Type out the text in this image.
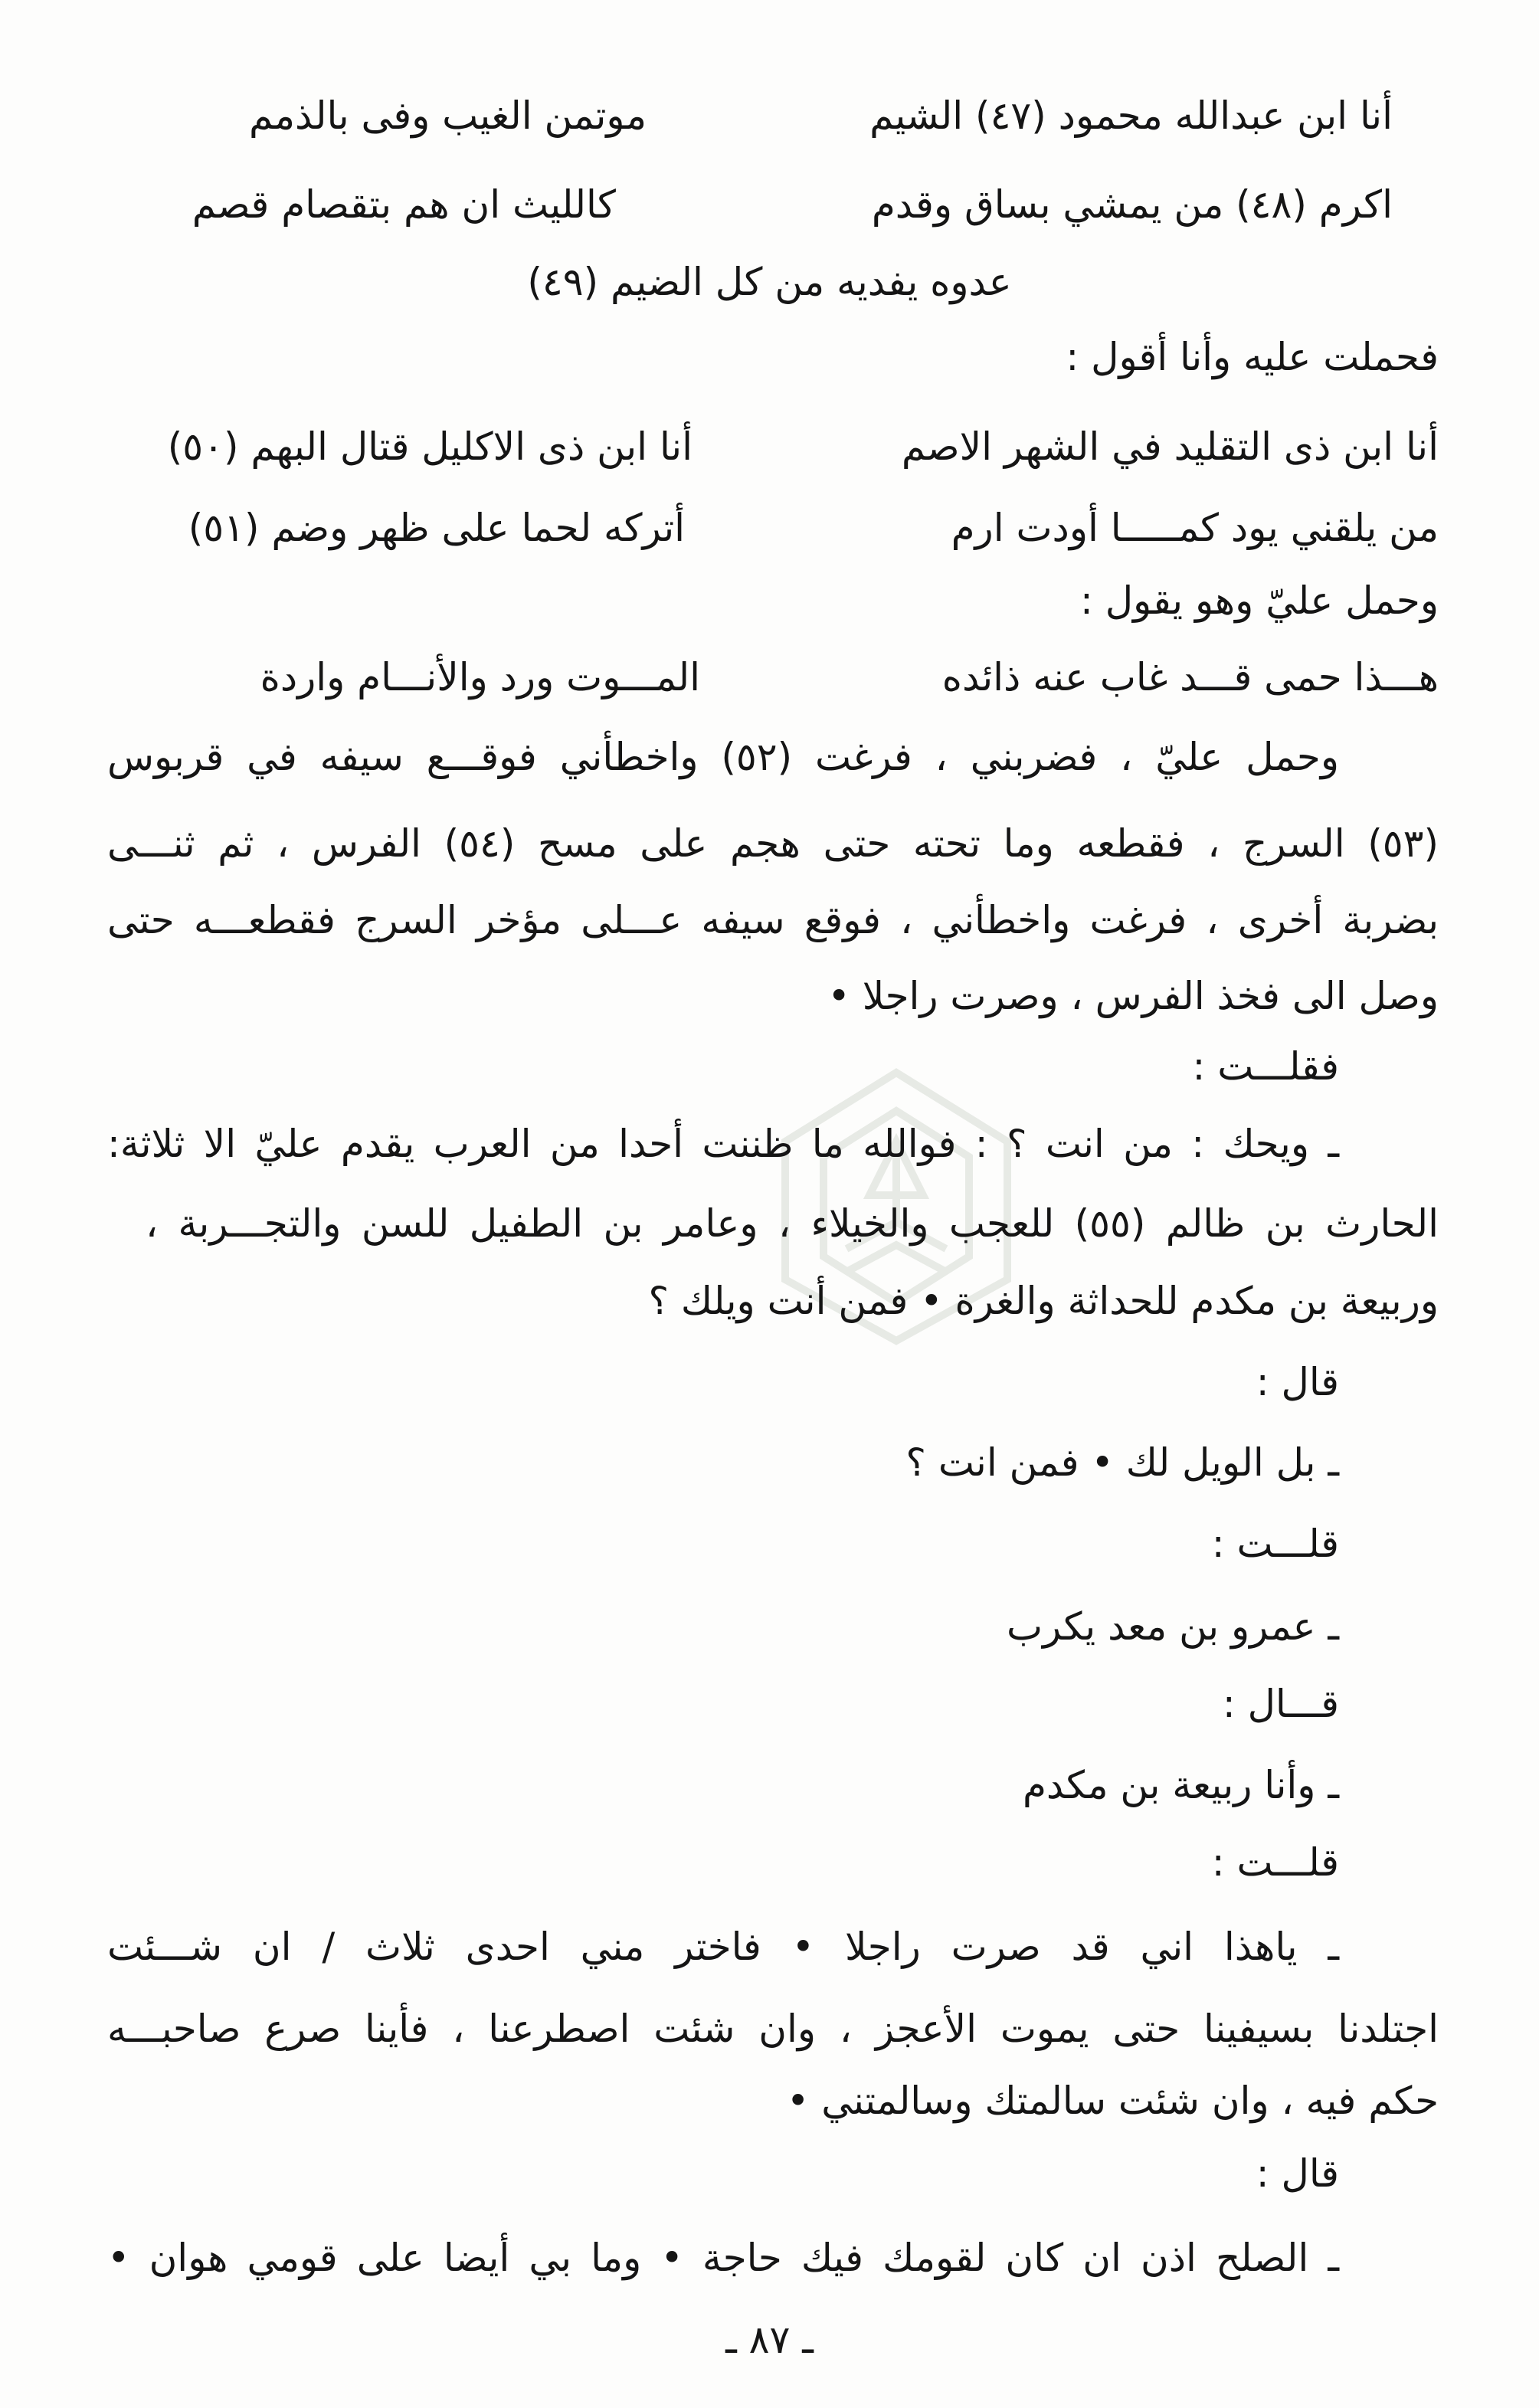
أنا ابن عبدالله محمود (٤٧) الشيم
موتمن الغيب وفى بالذمم
اكرم (٤٨) من يمشي بساق وقدم
كالليث ان هم بتقصام قصم
عدوه يفديه من كل الضيم (٤٩)
فحملت عليه وأنا أقول :
أنا ابن ذى التقليد في الشهر الاصم
أنا ابن ذى الاكليل قتال البهم (٥٠)
من يلقني يود كمـــــا أودت ارم
أتركه لحما على ظهر وضم (٥١)
وحمل عليّ وهو يقول :
هـــذا حمى قـــد غاب عنه ذائده
المـــوت ورد والأنـــام واردة
وحمل عليّ ، فضربني ، فرغت (٥٢) واخطأني فوقـــع سيفه في قربوس
(٥٣) السرج ، فقطعه وما تحته حتى هجم على مسح (٥٤) الفرس ، ثم ثنـــى
بضربة أخرى ، فرغت واخطأني ، فوقع سيفه عـــلى مؤخر السرج فقطعـــه حتى
وصل الى فخذ الفرس ، وصرت راجلا •
فقلـــت :
ـ ويحك : من انت ؟ : فوالله ما ظننت أحدا من العرب يقدم عليّ الا ثلاثة:
الحارث بن ظالم (٥٥) للعجب والخيلاء ، وعامر بن الطفيل للسن والتجـــربة ،
وربيعة بن مكدم للحداثة والغرة • فمن أنت ويلك ؟
قال :
ـ بل الويل لك • فمن انت ؟
قلـــت :
ـ عمرو بن معد يكرب
قـــال :
ـ وأنا ربيعة بن مكدم
قلـــت :
ـ ياهذا اني قد صرت راجلا • فاختر مني احدى ثلاث / ان شـــئت
اجتلدنا بسيفينا حتى يموت الأعجز ، وان شئت اصطرعنا ، فأينا صرع صاحبـــه
حكم فيه ، وان شئت سالمتك وسالمتني •
قال :
ـ الصلح اذن ان كان لقومك فيك حاجة • وما بي أيضا على قومي هوان •
ـ ٨٧ ـ
